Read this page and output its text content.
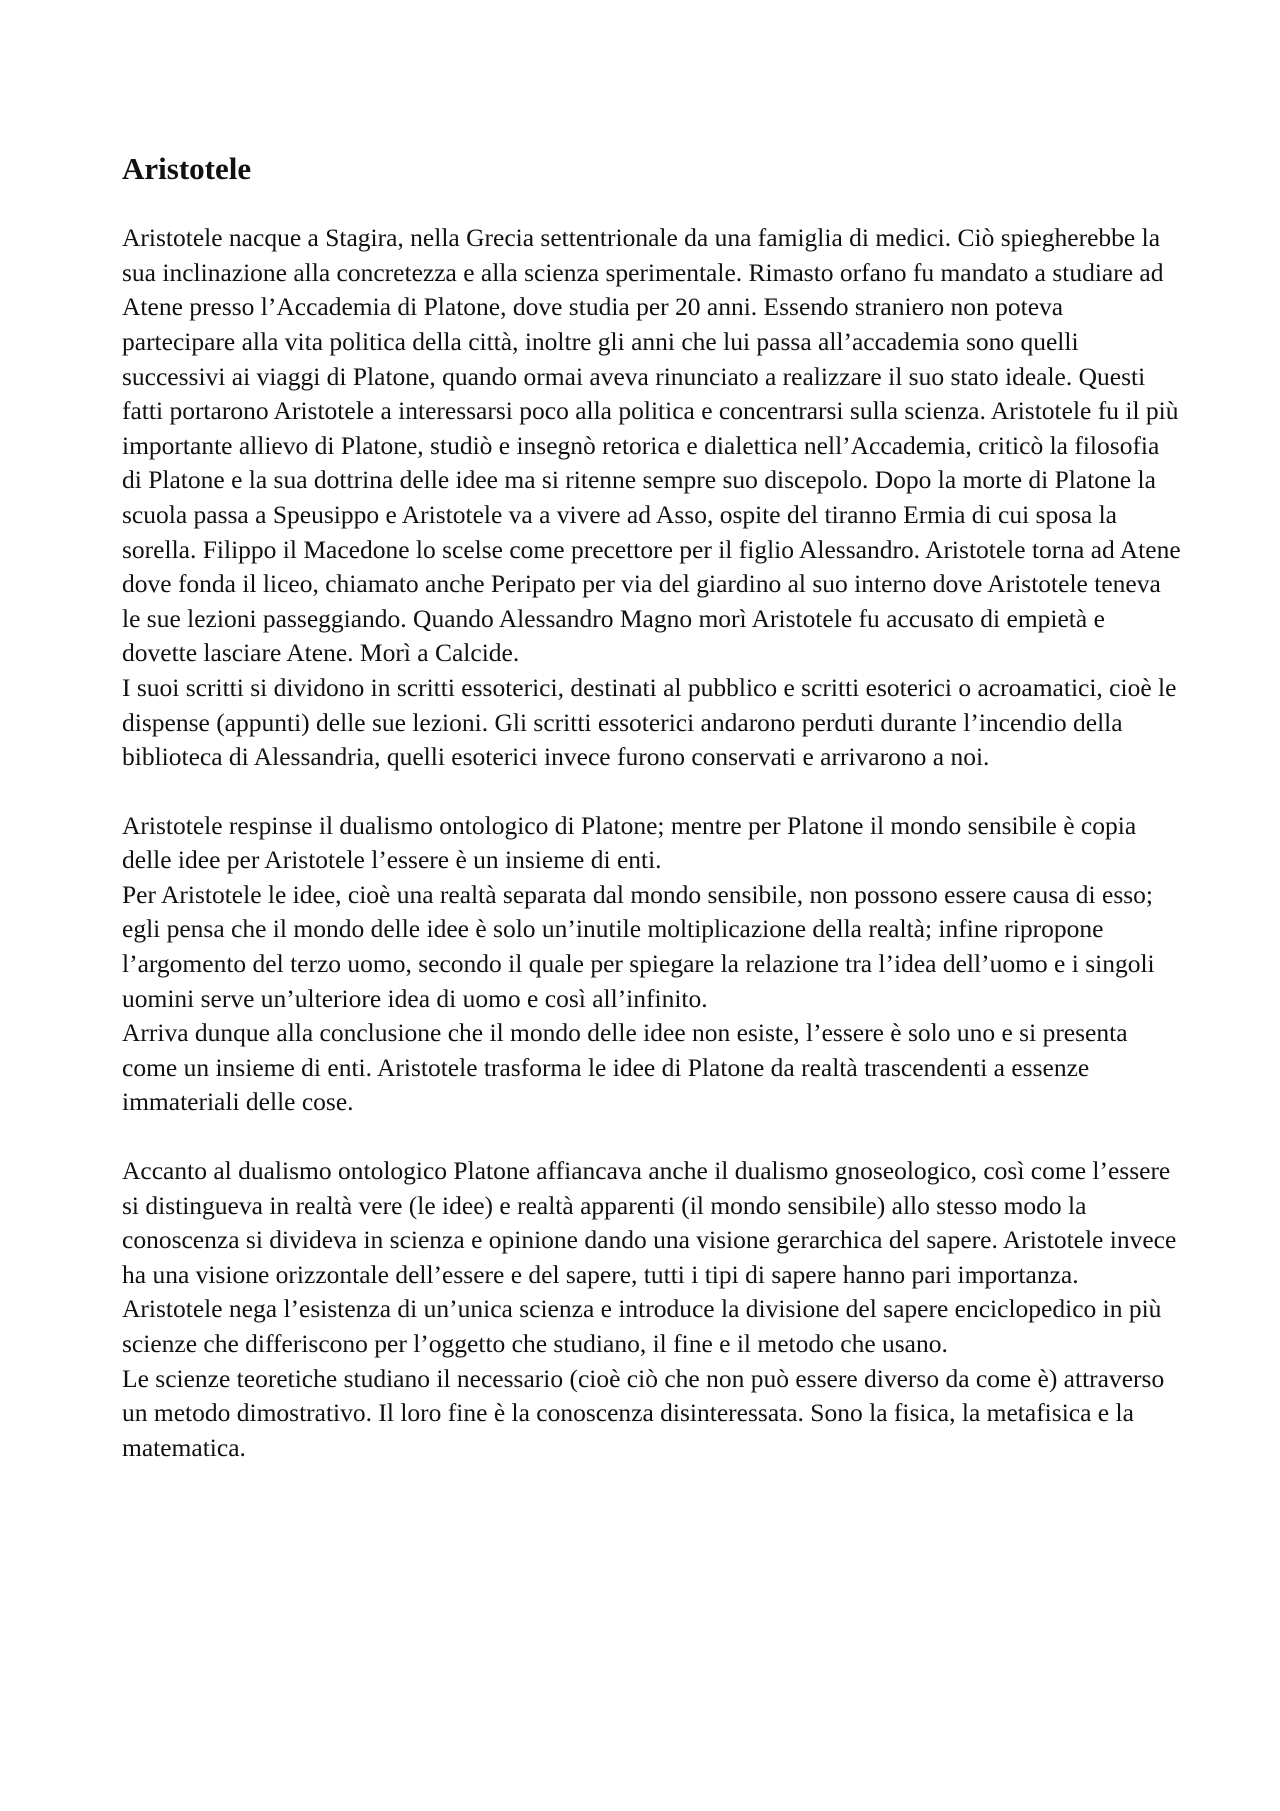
Aristotele

Aristotele nacque a Stagira, nella Grecia settentrionale da una famiglia di medici. Ciò spiegherebbe la sua inclinazione alla concretezza e alla scienza sperimentale. Rimasto orfano fu mandato a studiare ad Atene presso l’Accademia di Platone, dove studia per 20 anni. Essendo straniero non poteva partecipare alla vita politica della città, inoltre gli anni che lui passa all’accademia sono quelli successivi ai viaggi di Platone, quando ormai aveva rinunciato a realizzare il suo stato ideale. Questi fatti portarono Aristotele a interessarsi poco alla politica e concentrarsi sulla scienza. Aristotele fu il più importante allievo di Platone, studiò e insegnò retorica e dialettica nell’Accademia, criticò la filosofia di Platone e la sua dottrina delle idee ma si ritenne sempre suo discepolo. Dopo la morte di Platone la scuola passa a Speusippo e Aristotele va a vivere ad Asso, ospite del tiranno Ermia di cui sposa la sorella. Filippo il Macedone lo scelse come precettore per il figlio Alessandro. Aristotele torna ad Atene dove fonda il liceo, chiamato anche Peripato per via del giardino al suo interno dove Aristotele teneva le sue lezioni passeggiando. Quando Alessandro Magno morì Aristotele fu accusato di empietà e dovette lasciare Atene. Morì a Calcide.

I suoi scritti si dividono in scritti essoterici, destinati al pubblico e scritti esoterici o acroamatici, cioè le dispense (appunti) delle sue lezioni. Gli scritti essoterici andarono perduti durante l’incendio della biblioteca di Alessandria, quelli esoterici invece furono conservati e arrivarono a noi.

Aristotele respinse il dualismo ontologico di Platone; mentre per Platone il mondo sensibile è copia delle idee per Aristotele l’essere è un insieme di enti.

Per Aristotele le idee, cioè una realtà separata dal mondo sensibile, non possono essere causa di esso; egli pensa che il mondo delle idee è solo un’inutile moltiplicazione della realtà; infine ripropone l’argomento del terzo uomo, secondo il quale per spiegare la relazione tra l’idea dell’uomo e i singoli uomini serve un’ulteriore idea di uomo e così all’infinito.

Arriva dunque alla conclusione che il mondo delle idee non esiste, l’essere è solo uno e si presenta come un insieme di enti. Aristotele trasforma le idee di Platone da realtà trascendenti a essenze immateriali delle cose.

Accanto al dualismo ontologico Platone affiancava anche il dualismo gnoseologico, così come l’essere si distingueva in realtà vere (le idee) e realtà apparenti (il mondo sensibile) allo stesso modo la conoscenza si divideva in scienza e opinione dando una visione gerarchica del sapere. Aristotele invece ha una visione orizzontale dell’essere e del sapere, tutti i tipi di sapere hanno pari importanza. Aristotele nega l’esistenza di un’unica scienza e introduce la divisione del sapere enciclopedico in più scienze che differiscono per l’oggetto che studiano, il fine e il metodo che usano.

Le scienze teoretiche studiano il necessario (cioè ciò che non può essere diverso da come è) attraverso un metodo dimostrativo. Il loro fine è la conoscenza disinteressata. Sono la fisica, la metafisica e la matematica.
